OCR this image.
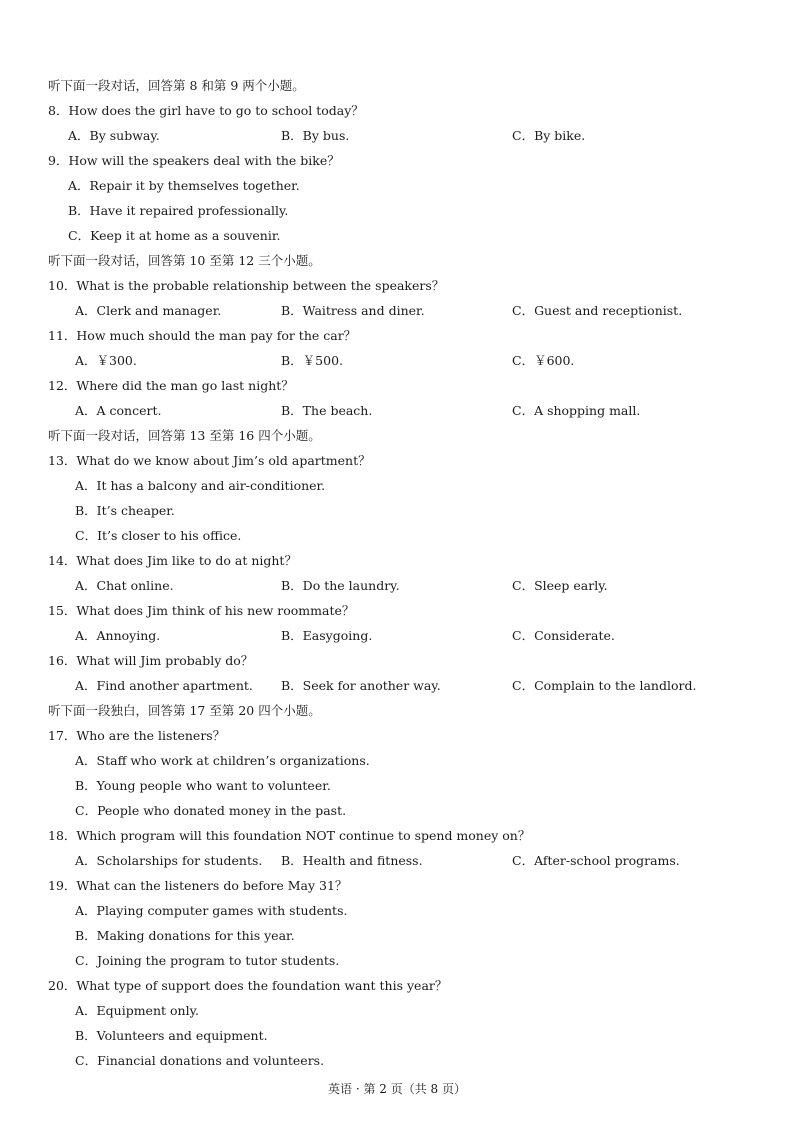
听下面一段对话，回答第 8 和第 9 两个小题。
8．How does the girl have to go to school today？
A．By subway.	B．By bus.	C．By bike.
9．How will the speakers deal with the bike？
A．Repair it by themselves together.
B．Have it repaired professionally.
C．Keep it at home as a souvenir.
听下面一段对话，回答第 10 至第 12 三个小题。
10．What is the probable relationship between the speakers？
A．Clerk and manager.	B．Waitress and diner.	C．Guest and receptionist.
11．How much should the man pay for the car？
A．￥300.	B．￥500.	C．￥600.
12．Where did the man go last night？
A．A concert.	B．The beach.	C．A shopping mall.
听下面一段对话，回答第 13 至第 16 四个小题。
13．What do we know about Jim’s old apartment？
A．It has a balcony and air-conditioner.
B．It’s cheaper.
C．It’s closer to his office.
14．What does Jim like to do at night？
A．Chat online.	B．Do the laundry.	C．Sleep early.
15．What does Jim think of his new roommate？
A．Annoying.	B．Easygoing.	C．Considerate.
16．What will Jim probably do？
A．Find another apartment. B．Seek for another way.	C．Complain to the landlord.
听下面一段独白，回答第 17 至第 20 四个小题。
17．Who are the listeners？
A．Staff who work at children’s organizations.
B．Young people who want to volunteer.
C．People who donated money in the past.
18．Which program will this foundation NOT continue to spend money on？
A．Scholarships for students. B．Health and fitness.	C．After-school programs.
19．What can the listeners do before May 31？
A．Playing computer games with students.
B．Making donations for this year.
C．Joining the program to tutor students.
20．What type of support does the foundation want this year？
A．Equipment only.
B．Volunteers and equipment.
C．Financial donations and volunteers.
英语 · 第 2 页（共 8 页）
